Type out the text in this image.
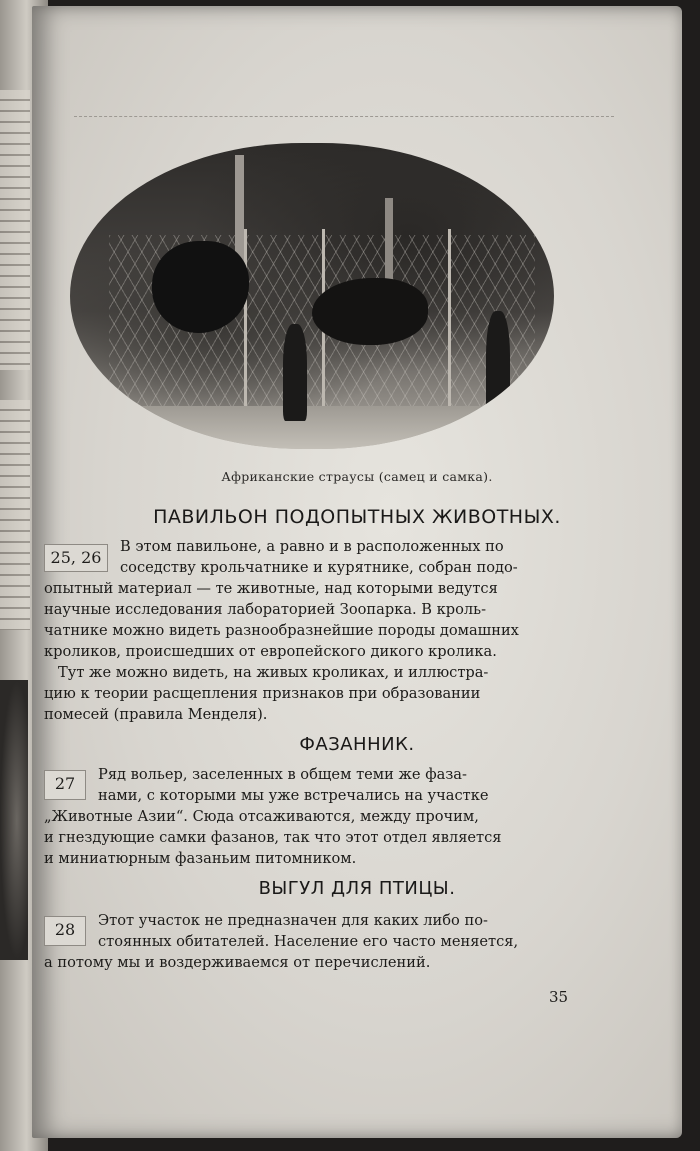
Африканские страусы (самец и самка).
ПАВИЛЬОН ПОДОПЫТНЫХ ЖИВОТНЫХ.
25, 26

В этом павильоне, а равно и в расположенных по

соседству крольчатнике и курятнике, собран подо-

опытный материал — те животные, над которыми ведутся

научные исследования лабораторией Зоопарка. В кроль-

чатнике можно видеть разнообразнейшие породы домашних

кроликов, происшедших от европейского дикого кролика.

Тут же можно видеть, на живых кроликах, и иллюстра-

цию к теории расщепления признаков при образовании

помесей (правила Менделя).

ФАЗАННИК.
27	Ряд вольер, заселенных в общем теми же фаза-

нами, с которыми мы уже встречались на участке

„Животные Азии“. Сюда отсаживаются, между прочим,

и гнездующие самки фазанов, так что этот отдел является

и миниатюрным фазаньим питомником.

ВЫГУЛ ДЛЯ ПТИЦЫ.
28	Этот участок не предназначен для каких либо по-

стоянных обитателей. Население его часто меняется,

а потому мы и воздерживаемся от перечислений.

35
